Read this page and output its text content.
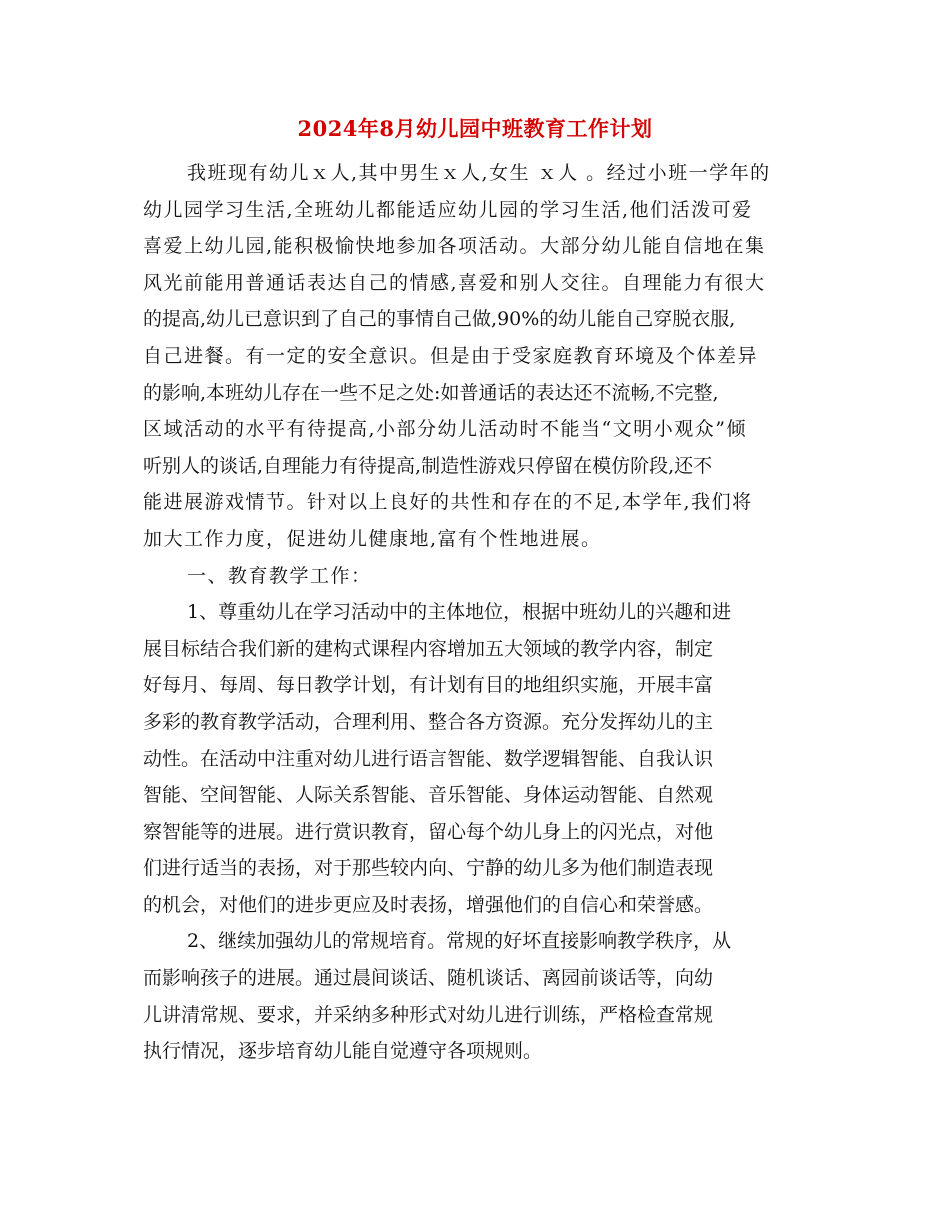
2024年8月幼儿园中班教育工作计划
我班现有幼儿ｘ人,其中男生ｘ人,女生 ｘ人 。经过小班一学年的
幼儿园学习生活,全班幼儿都能适应幼儿园的学习生活,他们活泼可爱
喜爱上幼儿园,能积极愉快地参加各项活动。大部分幼儿能自信地在集
风光前能用普通话表达自己的情感,喜爱和别人交往。自理能力有很大
的提高,幼儿已意识到了自己的事情自己做,90%的幼儿能自己穿脱衣服,
自己进餐。有一定的安全意识。但是由于受家庭教育环境及个体差异
的影响,本班幼儿存在一些不足之处:如普通话的表达还不流畅,不完整,
区域活动的水平有待提高,小部分幼儿活动时不能当“文明小观众”倾
听别人的谈话,自理能力有待提高,制造性游戏只停留在模仿阶段,还不
能进展游戏情节。针对以上良好的共性和存在的不足,本学年,我们将
加大工作力度，促进幼儿健康地,富有个性地进展。
一、教育教学工作：
1、尊重幼儿在学习活动中的主体地位，根据中班幼儿的兴趣和进
展目标结合我们新的建构式课程内容增加五大领域的教学内容，制定
好每月、每周、每日教学计划，有计划有目的地组织实施，开展丰富
多彩的教育教学活动，合理利用、整合各方资源。充分发挥幼儿的主
动性。在活动中注重对幼儿进行语言智能、数学逻辑智能、自我认识
智能、空间智能、人际关系智能、音乐智能、身体运动智能、自然观
察智能等的进展。进行赏识教育，留心每个幼儿身上的闪光点，对他
们进行适当的表扬，对于那些较内向、宁静的幼儿多为他们制造表现
的机会，对他们的进步更应及时表扬，增强他们的自信心和荣誉感。
2、继续加强幼儿的常规培育。常规的好坏直接影响教学秩序，从
而影响孩子的进展。通过晨间谈话、随机谈话、离园前谈话等，向幼
儿讲清常规、要求，并采纳多种形式对幼儿进行训练，严格检查常规
执行情况，逐步培育幼儿能自觉遵守各项规则。
